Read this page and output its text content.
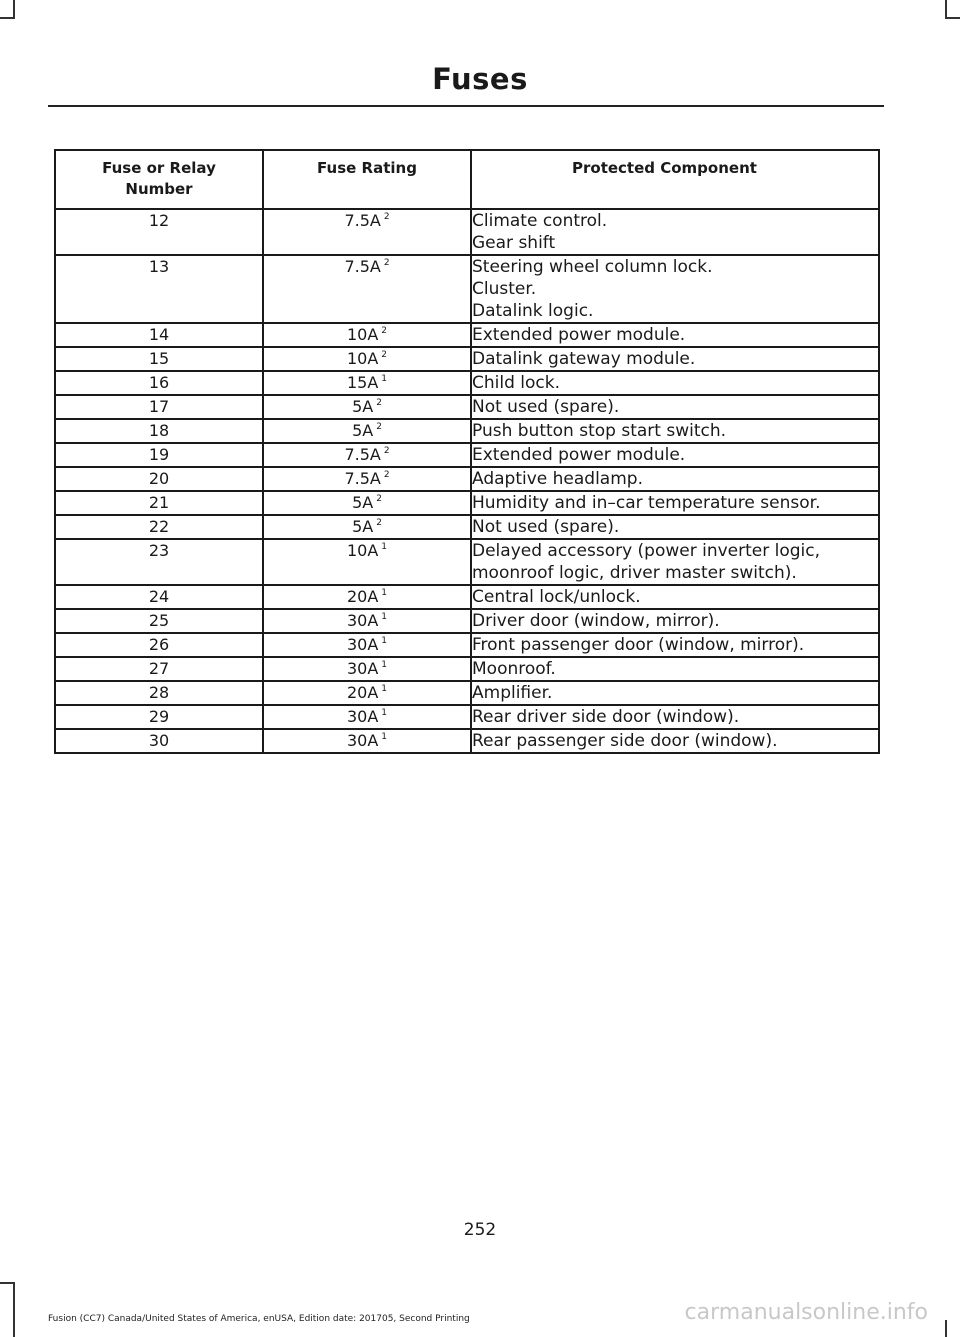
Fuses
Fuse or Relay Number	Fuse Rating	Protected Component
12	7.5A $^2$	Climate control.
Gear shift

13	7.5A $^2$	Steering wheel column lock.
Cluster.
Datalink logic.

14	10A $^2$	Extended power module.

15	10A $^2$	Datalink gateway module.

16	15A $^1$	Child lock.

17	5A $^2$	Not used (spare).

18	5A $^2$	Push button stop start switch.

19	7.5A $^2$	Extended power module.

20	7.5A $^2$	Adaptive headlamp.

21	5A $^2$	Humidity and in–car temperature sensor.

22	5A $^2$	Not used (spare).

23	10A $^1$	Delayed accessory (power inverter logic,
moonroof logic, driver master switch).

24	20A $^1$	Central lock/unlock.

25	30A $^1$	Driver door (window, mirror).

26	30A $^1$	Front passenger door (window, mirror).

27	30A $^1$	Moonroof.

28	20A $^1$	Amplifier.

29	30A $^1$	Rear driver side door (window).

30	30A $^1$	Rear passenger side door (window).
252
Fusion (CC7) Canada/United States of America, enUSA, Edition date: 201705, Second Printing	carmanualsonline.info
